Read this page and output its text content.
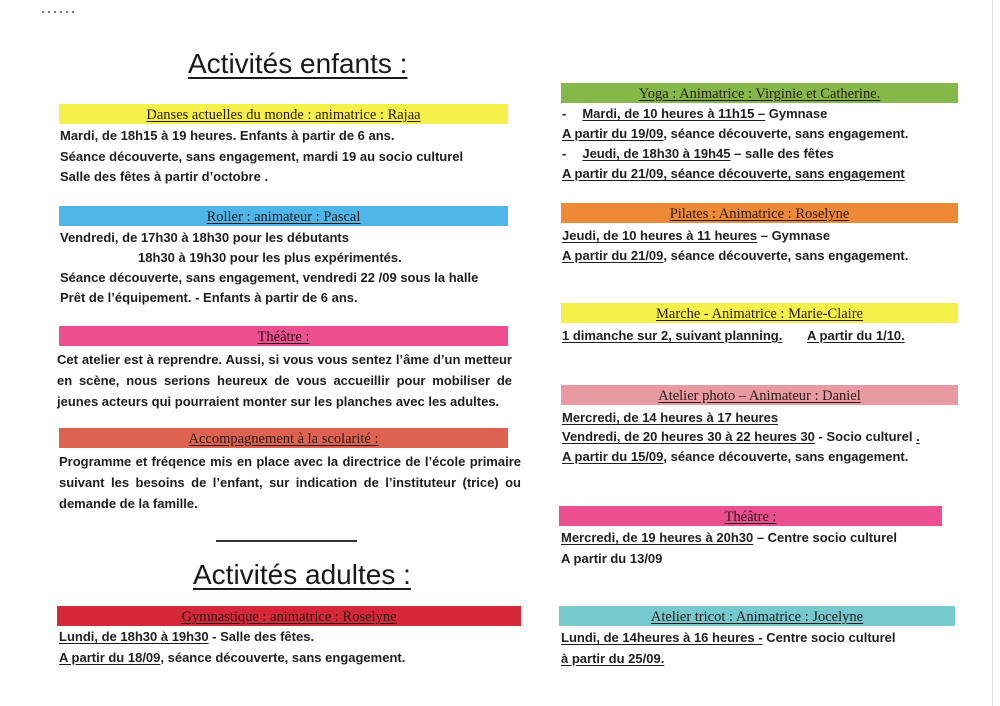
Activités enfants :
Danses actuelles du monde : animatrice : Rajaa
Mardi, de 18h15 à 19 heures. Enfants à partir de 6 ans.
Séance découverte, sans engagement, mardi 19 au socio culturel
Salle des fêtes à partir d’octobre .
Roller : animateur : Pascal
Vendredi, de 17h30 à 18h30 pour les débutants
18h30 à 19h30 pour les plus expérimentés.
Séance découverte, sans engagement, vendredi 22 /09 sous la halle
Prêt de l’équipement. - Enfants à partir de 6 ans.
Théâtre :
Cet atelier est à reprendre. Aussi, si vous vous sentez l’âme d’un metteur en scène, nous serions heureux de vous accueillir pour mobiliser de jeunes acteurs qui pourraient monter sur les planches avec les adultes.
Accompagnement à la scolarité :
Programme et fréqence mis en place avec la directrice de l’école primaire suivant les besoins de l’enfant, sur indication de l’instituteur (trice) ou demande de la famille.
Activités adultes :
Gymnastique : animatrice : Roselyne
Lundi, de 18h30 à 19h30 - Salle des fêtes.
A partir du 18/09, séance découverte, sans engagement.
Yoga : Animatrice : Virginie et Catherine.
- Mardi, de 10 heures à 11h15 – Gymnase
A partir du 19/09, séance découverte, sans engagement.
- Jeudi, de 18h30 à 19h45 – salle des fêtes
A partir du 21/09, séance découverte, sans engagement
Pilates : Animatrice : Roselyne
Jeudi, de 10 heures à 11 heures – Gymnase
A partir du 21/09, séance découverte, sans engagement.
Marche - Animatrice : Marie-Claire
1 dimanche sur 2, suivant planning. A partir du 1/10.
Atelier photo – Animateur : Daniel
Mercredi, de 14 heures à 17 heures
Vendredi, de 20 heures 30 à 22 heures 30 - Socio culturel .
A partir du 15/09, séance découverte, sans engagement.
Théâtre :
Mercredi, de 19 heures à 20h30 – Centre socio culturel
A partir du 13/09
Atelier tricot : Animatrice : Jocelyne
Lundi, de 14heures à 16 heures - Centre socio culturel
à partir du 25/09.
